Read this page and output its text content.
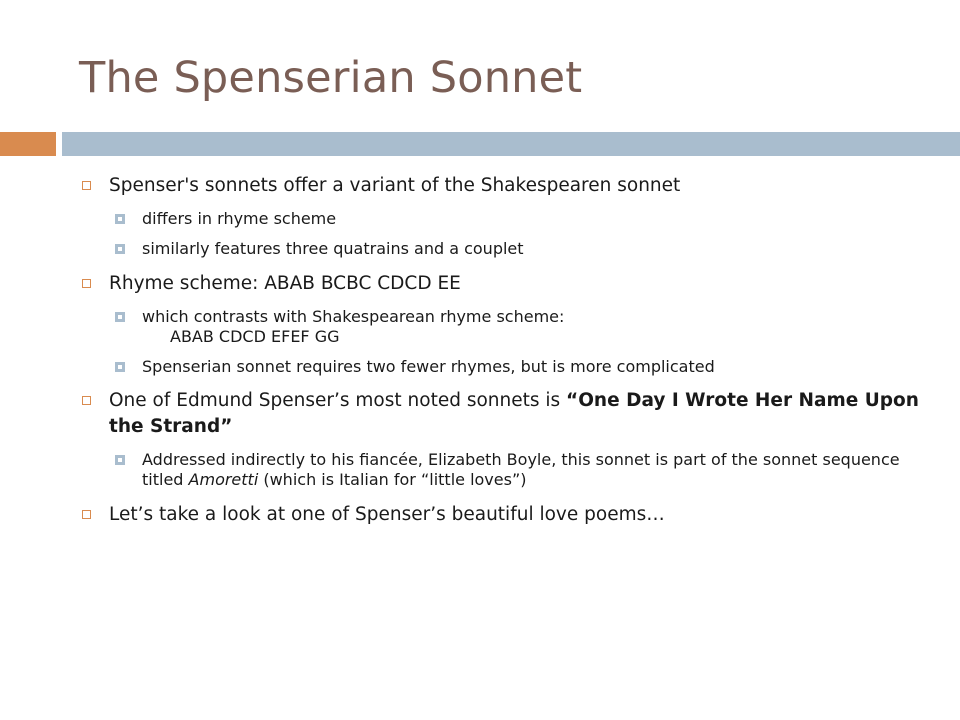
The Spenserian Sonnet
Spenser's sonnets offer a variant of the Shakespearen sonnet
differs in rhyme scheme
similarly features three quatrains and a couplet
Rhyme scheme: ABAB BCBC CDCD EE
which contrasts with Shakespearean rhyme scheme:
ABAB CDCD EFEF GG
Spenserian sonnet requires two fewer rhymes, but is more complicated
One of Edmund Spenser’s most noted sonnets is “One Day I Wrote Her Name Upon the Strand”
Addressed indirectly to his fiancée, Elizabeth Boyle, this sonnet is part of the sonnet sequence titled Amoretti (which is Italian for “little loves”)
Let’s take a look at one of Spenser’s beautiful love poems…
